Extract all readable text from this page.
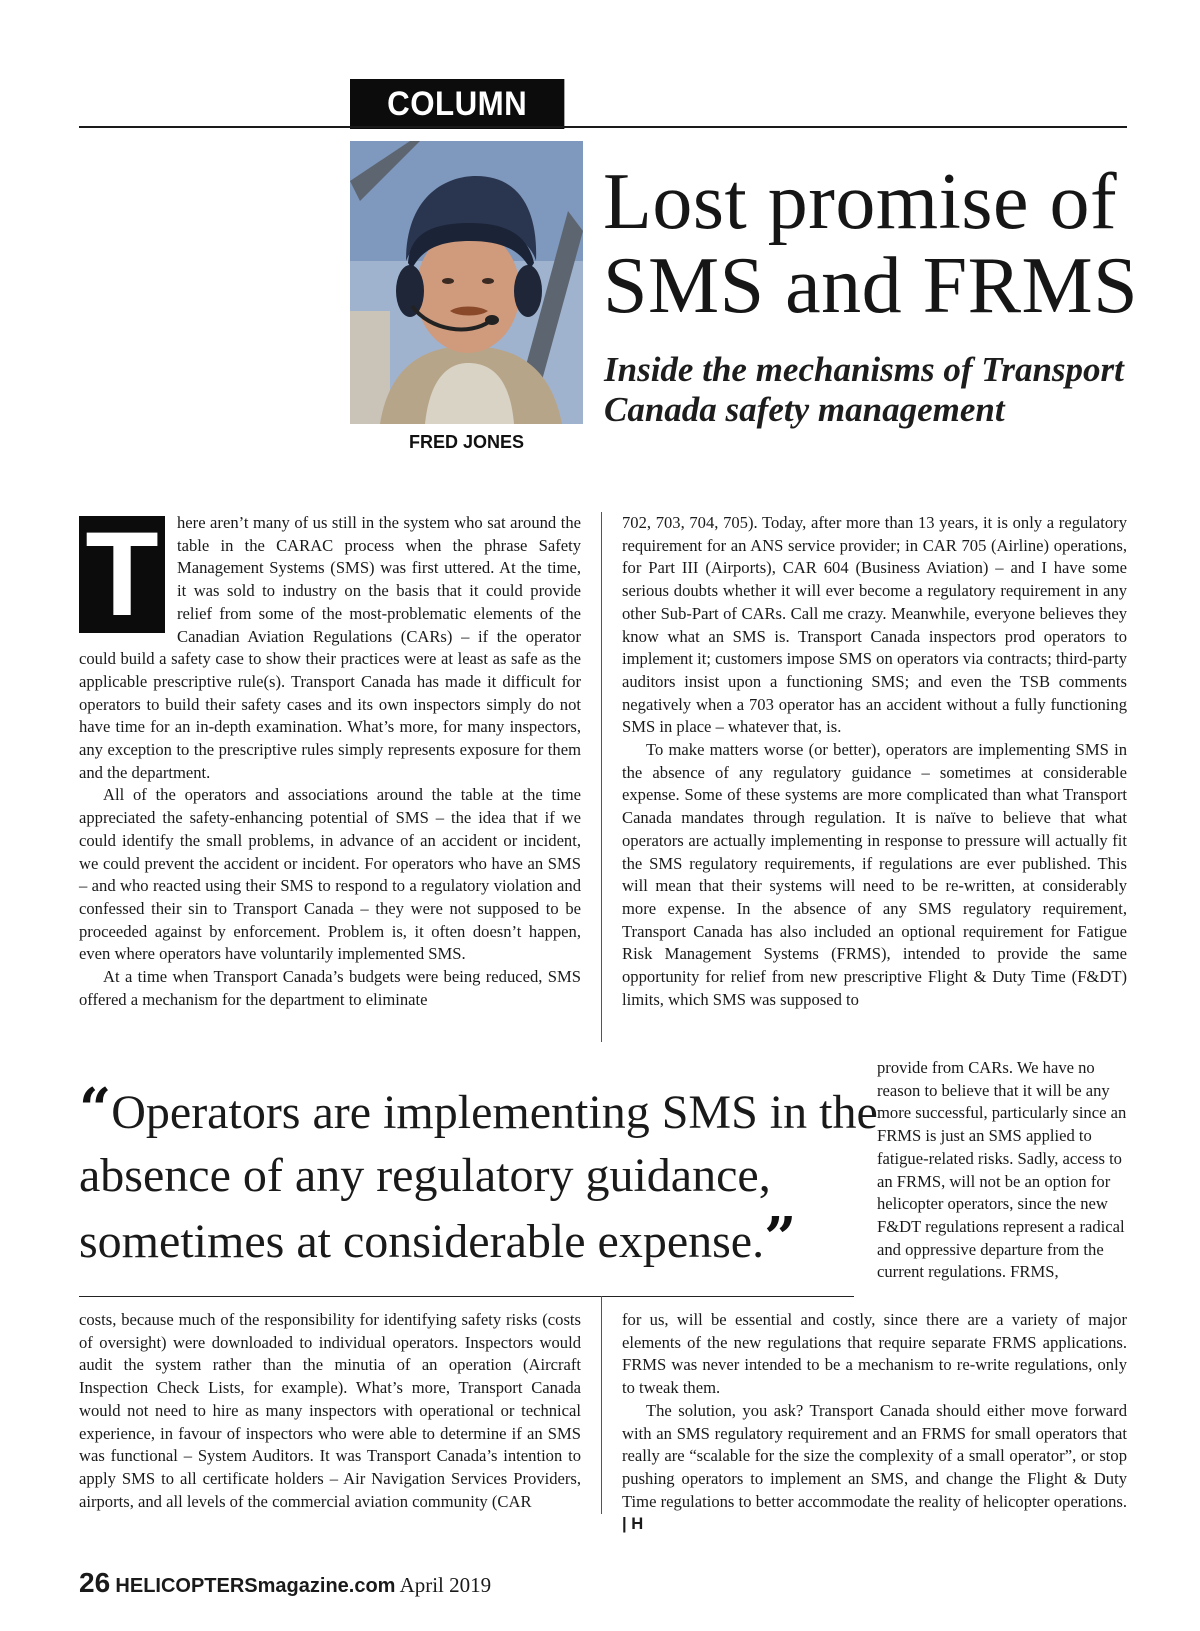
COLUMN
FRED JONES
Lost promise of SMS and FRMS
Inside the mechanisms of Transport Canada safety management
T	here aren’t many of us still in the system who sat around the table in the CARAC process when the phrase Safety Management Systems (SMS) was first uttered. At the time, it was sold to industry on the basis that it could provide relief from some of the most-problematic elements of the Canadian Aviation Regulations (CARs) – if the operator could build a safety case to show their practices were at least as safe as the applicable prescriptive rule(s). Transport Canada has made it difficult for operators to build their safety cases and its own inspectors simply do not have time for an in-depth examination. What’s more, for many inspectors, any exception to the prescriptive rules simply represents exposure for them and the department.

All of the operators and associations around the table at the time appreciated the safety-enhancing potential of SMS – the idea that if we could identify the small problems, in advance of an accident or incident, we could prevent the accident or incident. For operators who have an SMS – and who reacted using their SMS to respond to a regulatory violation and confessed their sin to Transport Canada – they were not supposed to be proceeded against by enforcement. Problem is, it often doesn’t happen, even where operators have voluntarily implemented SMS.

At a time when Transport Canada’s budgets were being reduced, SMS offered a mechanism for the department to eliminate

702, 703, 704, 705). Today, after more than 13 years, it is only a regulatory requirement for an ANS service provider; in CAR 705 (Airline) operations, for Part III (Airports), CAR 604 (Business Aviation) – and I have some serious doubts whether it will ever become a regulatory requirement in any other Sub-Part of CARs. Call me crazy. Meanwhile, everyone believes they know what an SMS is. Transport Canada inspectors prod operators to implement it; customers impose SMS on operators via contracts; third-party auditors insist upon a functioning SMS; and even the TSB comments negatively when a 703 operator has an accident without a fully functioning SMS in place – whatever that, is.

To make matters worse (or better), operators are implementing SMS in the absence of any regulatory guidance – sometimes at considerable expense. Some of these systems are more complicated than what Transport Canada mandates through regulation. It is naïve to believe that what operators are actually implementing in response to pressure will actually fit the SMS regulatory requirements, if regulations are ever published. This will mean that their systems will need to be re-written, at considerably more expense. In the absence of any SMS regulatory requirement, Transport Canada has also included an optional requirement for Fatigue Risk Management Systems (FRMS), intended to provide the same opportunity for relief from new prescriptive Flight & Duty Time (F&DT) limits, which SMS was supposed to

provide from CARs. We have no reason to believe that it will be any more successful, particularly since an FRMS is just an SMS applied to fatigue-related risks. Sadly, access to an FRMS, will not be an option for helicopter operators, since the new F&DT regulations represent a radical and oppressive departure from the current regulations. FRMS,

“Operators are implementing SMS in the absence of any regulatory guidance, sometimes at considerable expense.”

costs, because much of the responsibility for identifying safety risks (costs of oversight) were downloaded to individual operators. Inspectors would audit the system rather than the minutia of an operation (Aircraft Inspection Check Lists, for example). What’s more, Transport Canada would not need to hire as many inspectors with operational or technical experience, in favour of inspectors who were able to determine if an SMS was functional – System Auditors. It was Transport Canada’s intention to apply SMS to all certificate holders – Air Navigation Services Providers, airports, and all levels of the commercial aviation community (CAR

for us, will be essential and costly, since there are a variety of major elements of the new regulations that require separate FRMS applications. FRMS was never intended to be a mechanism to re-write regulations, only to tweak them.

The solution, you ask? Transport Canada should either move forward with an SMS regulatory requirement and an FRMS for small operators that really are “scalable for the size the complexity of a small operator”, or stop pushing operators to implement an SMS, and change the Flight & Duty Time regulations to better accommodate the reality of helicopter operations. | H

26 HELICOPTERSmagazine.com April 2019
